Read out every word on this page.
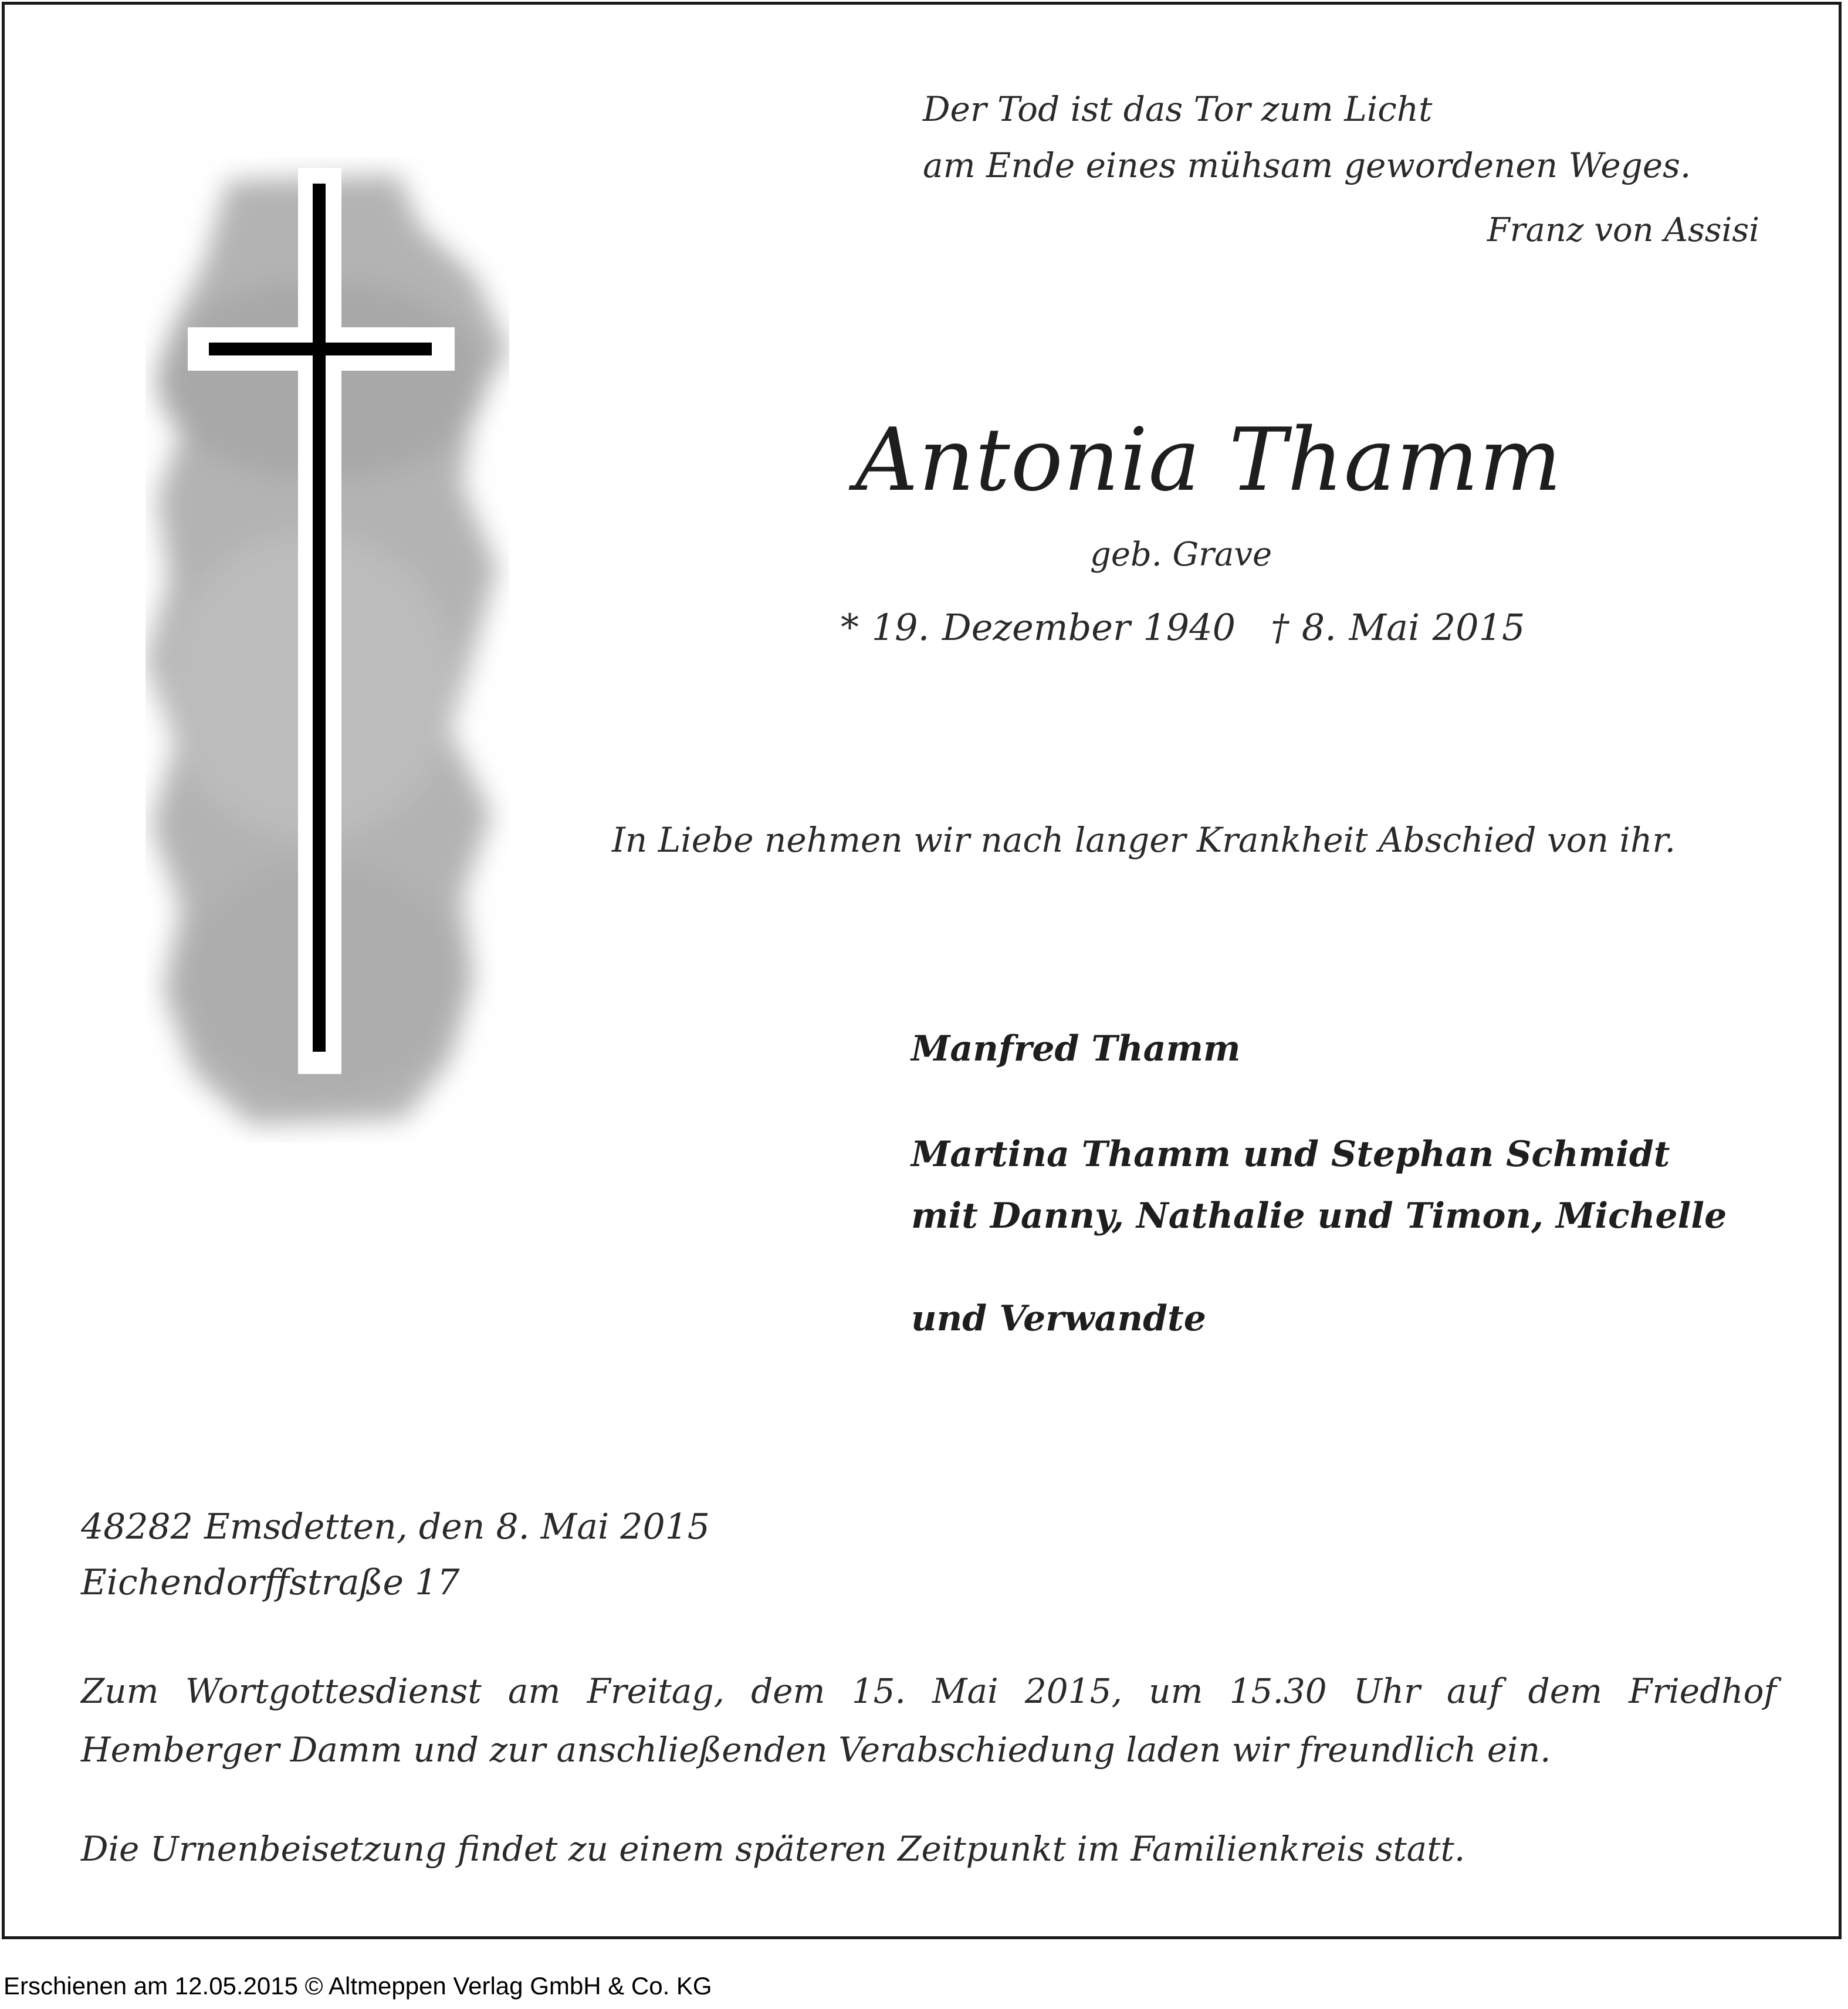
Der Tod ist das Tor zum Licht
am Ende eines mühsam gewordenen Weges.
Franz von Assisi
Antonia Thamm
geb. Grave
* 19. Dezember 1940 † 8. Mai 2015
In Liebe nehmen wir nach langer Krankheit Abschied von ihr.
Manfred Thamm
Martina Thamm und Stephan Schmidt
mit Danny, Nathalie und Timon, Michelle
und Verwandte
48282 Emsdetten, den 8. Mai 2015
Eichendorffstraße 17
Zum Wortgottesdienst am Freitag, dem 15. Mai 2015, um 15.30 Uhr auf dem Friedhof
Hemberger Damm und zur anschließenden Verabschiedung laden wir freundlich ein.
Die Urnenbeisetzung findet zu einem späteren Zeitpunkt im Familienkreis statt.
Erschienen am 12.05.2015 © Altmeppen Verlag GmbH & Co. KG
